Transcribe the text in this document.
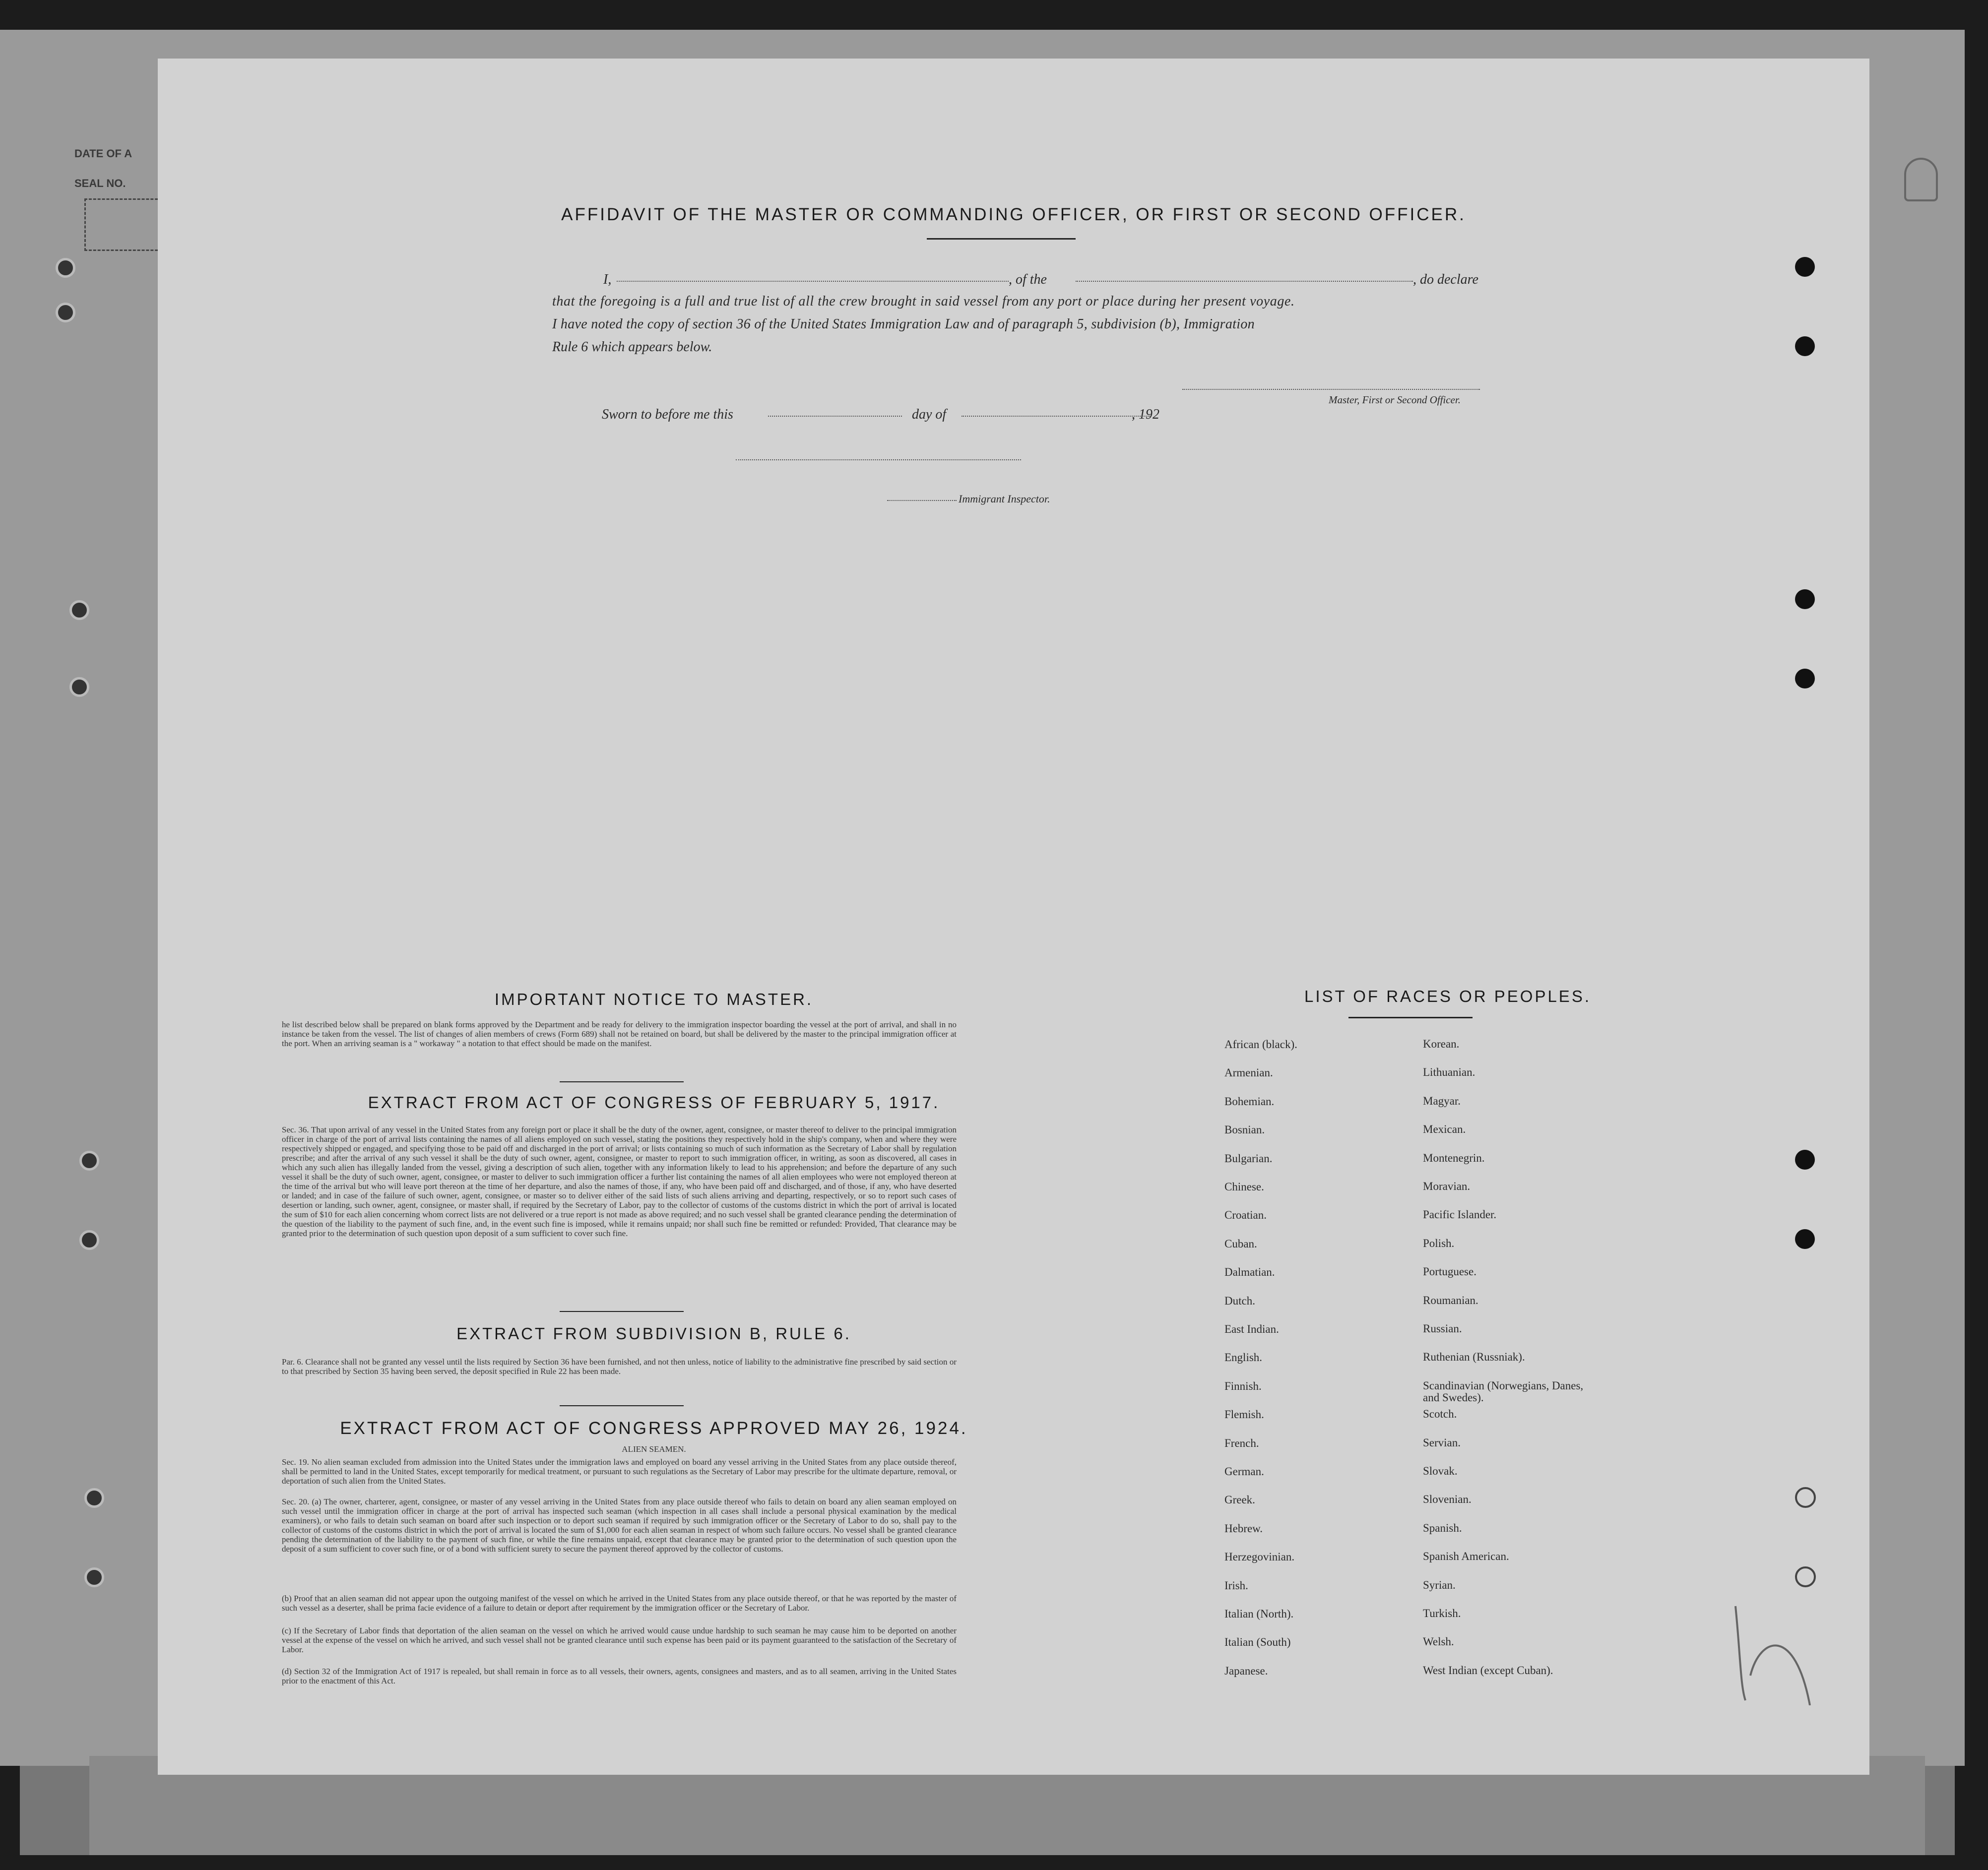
DATE OF A
SEAL NO.
AFFIDAVIT OF THE MASTER OR COMMANDING OFFICER, OR FIRST OR SECOND OFFICER.
I,	, of the	, do declare
that the foregoing is a full and true list of all the crew brought in said vessel from any port or place during her present voyage.
I have noted the copy of section 36 of the United States Immigration Law and of paragraph 5, subdivision (b), Immigration
Rule 6 which appears below.
Master, First or Second Officer.
Sworn to before me this	day of	, 192
Immigrant Inspector.
IMPORTANT NOTICE TO MASTER.
he list described below shall be prepared on blank forms approved by the Department and be ready for delivery to the immigration inspector boarding the vessel at the port of arrival, and shall in no instance be taken from the vessel. The list of changes of alien members of crews (Form 689) shall not be retained on board, but shall be delivered by the master to the principal immigration officer at the port. When an arriving seaman is a " workaway " a notation to that effect should be made on the manifest.
EXTRACT FROM ACT OF CONGRESS OF FEBRUARY 5, 1917.
Sec. 36. That upon arrival of any vessel in the United States from any foreign port or place it shall be the duty of the owner, agent, consignee, or master thereof to deliver to the principal immigration officer in charge of the port of arrival lists containing the names of all aliens employed on such vessel, stating the positions they respectively hold in the ship's company, when and where they were respectively shipped or engaged, and specifying those to be paid off and discharged in the port of arrival; or lists containing so much of such information as the Secretary of Labor shall by regulation prescribe; and after the arrival of any such vessel it shall be the duty of such owner, agent, consignee, or master to report to such immigration officer, in writing, as soon as discovered, all cases in which any such alien has illegally landed from the vessel, giving a description of such alien, together with any information likely to lead to his apprehension; and before the departure of any such vessel it shall be the duty of such owner, agent, consignee, or master to deliver to such immigration officer a further list containing the names of all alien employees who were not employed thereon at the time of the arrival but who will leave port thereon at the time of her departure, and also the names of those, if any, who have been paid off and discharged, and of those, if any, who have deserted or landed; and in case of the failure of such owner, agent, consignee, or master so to deliver either of the said lists of such aliens arriving and departing, respectively, or so to report such cases of desertion or landing, such owner, agent, consignee, or master shall, if required by the Secretary of Labor, pay to the collector of customs of the customs district in which the port of arrival is located the sum of $10 for each alien concerning whom correct lists are not delivered or a true report is not made as above required; and no such vessel shall be granted clearance pending the determination of the question of the liability to the payment of such fine, and, in the event such fine is imposed, while it remains unpaid; nor shall such fine be remitted or refunded: Provided, That clearance may be granted prior to the determination of such question upon deposit of a sum sufficient to cover such fine.
EXTRACT FROM SUBDIVISION B, RULE 6.
Par. 6. Clearance shall not be granted any vessel until the lists required by Section 36 have been furnished, and not then unless, notice of liability to the administrative fine prescribed by said section or to that prescribed by Section 35 having been served, the deposit specified in Rule 22 has been made.
EXTRACT FROM ACT OF CONGRESS APPROVED MAY 26, 1924.
ALIEN SEAMEN.
Sec. 19. No alien seaman excluded from admission into the United States under the immigration laws and employed on board any vessel arriving in the United States from any place outside thereof, shall be permitted to land in the United States, except temporarily for medical treatment, or pursuant to such regulations as the Secretary of Labor may prescribe for the ultimate departure, removal, or deportation of such alien from the United States.
Sec. 20. (a) The owner, charterer, agent, consignee, or master of any vessel arriving in the United States from any place outside thereof who fails to detain on board any alien seaman employed on such vessel until the immigration officer in charge at the port of arrival has inspected such seaman (which inspection in all cases shall include a personal physical examination by the medical examiners), or who fails to detain such seaman on board after such inspection or to deport such seaman if required by such immigration officer or the Secretary of Labor to do so, shall pay to the collector of customs of the customs district in which the port of arrival is located the sum of $1,000 for each alien seaman in respect of whom such failure occurs. No vessel shall be granted clearance pending the determination of the liability to the payment of such fine, or while the fine remains unpaid, except that clearance may be granted prior to the determination of such question upon the deposit of a sum sufficient to cover such fine, or of a bond with sufficient surety to secure the payment thereof approved by the collector of customs.
(b) Proof that an alien seaman did not appear upon the outgoing manifest of the vessel on which he arrived in the United States from any place outside thereof, or that he was reported by the master of such vessel as a deserter, shall be prima facie evidence of a failure to detain or deport after requirement by the immigration officer or the Secretary of Labor.
(c) If the Secretary of Labor finds that deportation of the alien seaman on the vessel on which he arrived would cause undue hardship to such seaman he may cause him to be deported on another vessel at the expense of the vessel on which he arrived, and such vessel shall not be granted clearance until such expense has been paid or its payment guaranteed to the satisfaction of the Secretary of Labor.
(d) Section 32 of the Immigration Act of 1917 is repealed, but shall remain in force as to all vessels, their owners, agents, consignees and masters, and as to all seamen, arriving in the United States prior to the enactment of this Act.
LIST OF RACES OR PEOPLES.
African (black).	Korean.
Armenian.	Lithuanian.
Bohemian.	Magyar.
Bosnian.	Mexican.
Bulgarian.	Montenegrin.
Chinese.	Moravian.
Croatian.	Pacific Islander.
Cuban.	Polish.
Dalmatian.	Portuguese.
Dutch.	Roumanian.
East Indian.	Russian.
English.	Ruthenian (Russniak).
Finnish.	Scandinavian (Norwegians, Danes, and Swedes).
Flemish.	Scotch.
French.	Servian.
German.	Slovak.
Greek.	Slovenian.
Hebrew.	Spanish.
Herzegovinian.	Spanish American.
Irish.	Syrian.
Italian (North).	Turkish.
Italian (South)	Welsh.
Japanese.	West Indian (except Cuban).
